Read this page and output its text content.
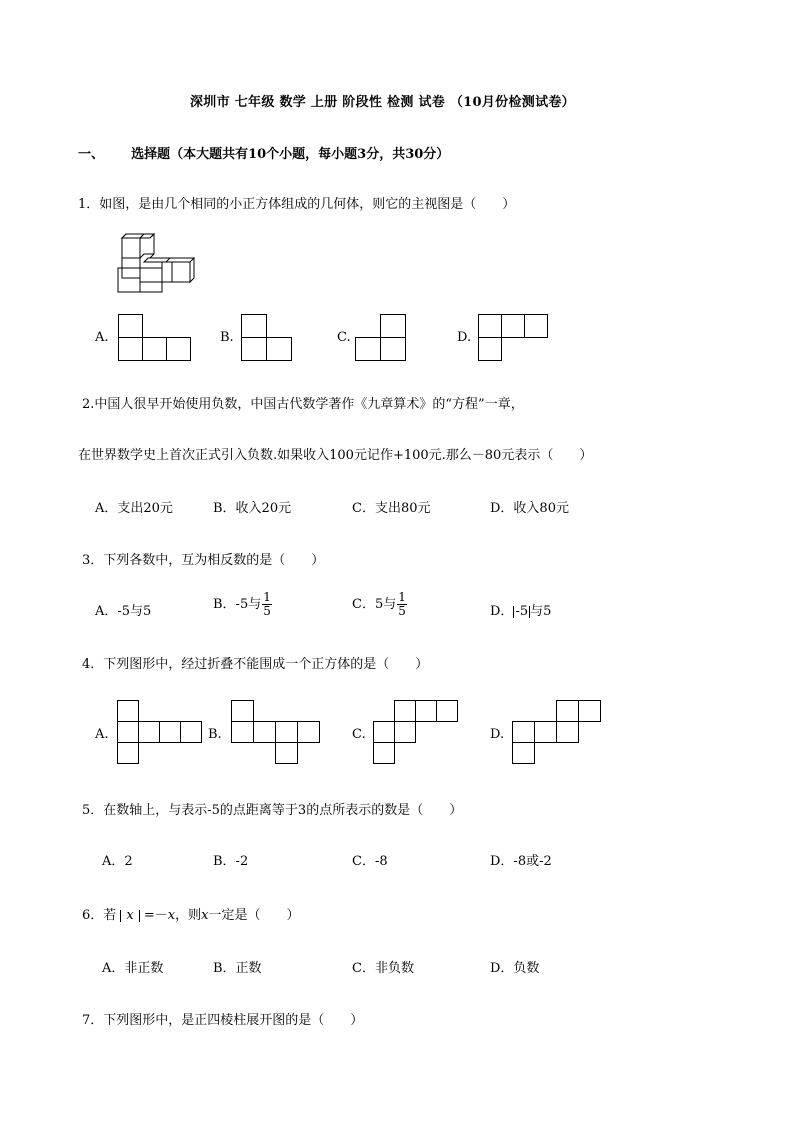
深圳市 七年级 数学 上册 阶段性 检测 试卷 （10月份检测试卷）
一、 选择题（本大题共有10个小题，每小题3分，共30分）
1．如图，是由几个相同的小正方体组成的几何体，则它的主视图是（　　）
A.	B.	C.	D.
2.中国人很早开始使用负数，中国古代数学著作《九章算术》的“方程”一章，
在世界数学史上首次正式引入负数.如果收入100元记作+100元.那么－80元表示（　　）
A．支出20元	B．收入20元	C．支出80元	D．收入80元
3．下列各数中，互为相反数的是（　　）
A．-5与5	B．-5与 $\frac{1}{5}$	C．5与 $\frac{1}{5}$	D． -5 与5
4．下列图形中，经过折叠不能围成一个正方体的是（　　）
A.	B.	C.	D.
5．在数轴上，与表示-5的点距离等于3的点所表示的数是（　　）
A．2	B．-2	C．-8	D．-8或-2
6．若 x =－x，则x一定是（　　）
A．非正数	B．正数	C．非负数	D．负数
7．下列图形中，是正四棱柱展开图的是（　　）
